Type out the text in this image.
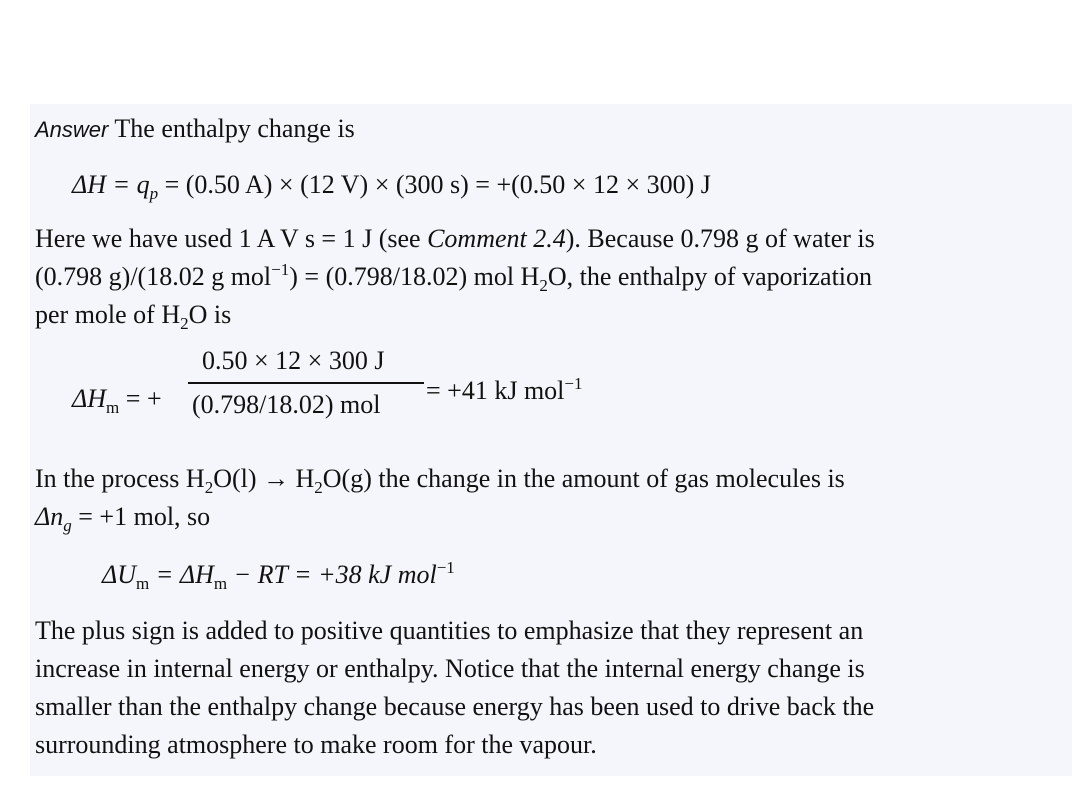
Answer The enthalpy change is
$\Delta H = q_p = (0.50$ A) × (12 V) × (300 s) = +(0.50 × 12 × 300) J
Here we have used 1 A V s = 1 J (see Comment 2.4). Because 0.798 g of water is
(0.798 g)/(18.02 g mol$^{-1}$) = (0.798/18.02) mol $H_2O$, the enthalpy of vaporization
per mole of $H_2O$ is
$\Delta H_m$ = +
0.50 × 12 × 300 J
(0.798/18.02) mol = +41 kJ mol$^{-1}$
In the process $H_2O(l) \to H_2O(g)$ the change in the amount of gas molecules is
$\Delta n_g = +1$ mol, so
$\Delta U_m = \Delta H_m$ − RT = +38 kJ mol$^{-1}$
The plus sign is added to positive quantities to emphasize that they represent an
increase in internal energy or enthalpy. Notice that the internal energy change is
smaller than the enthalpy change because energy has been used to drive back the
surrounding atmosphere to make room for the vapour.
